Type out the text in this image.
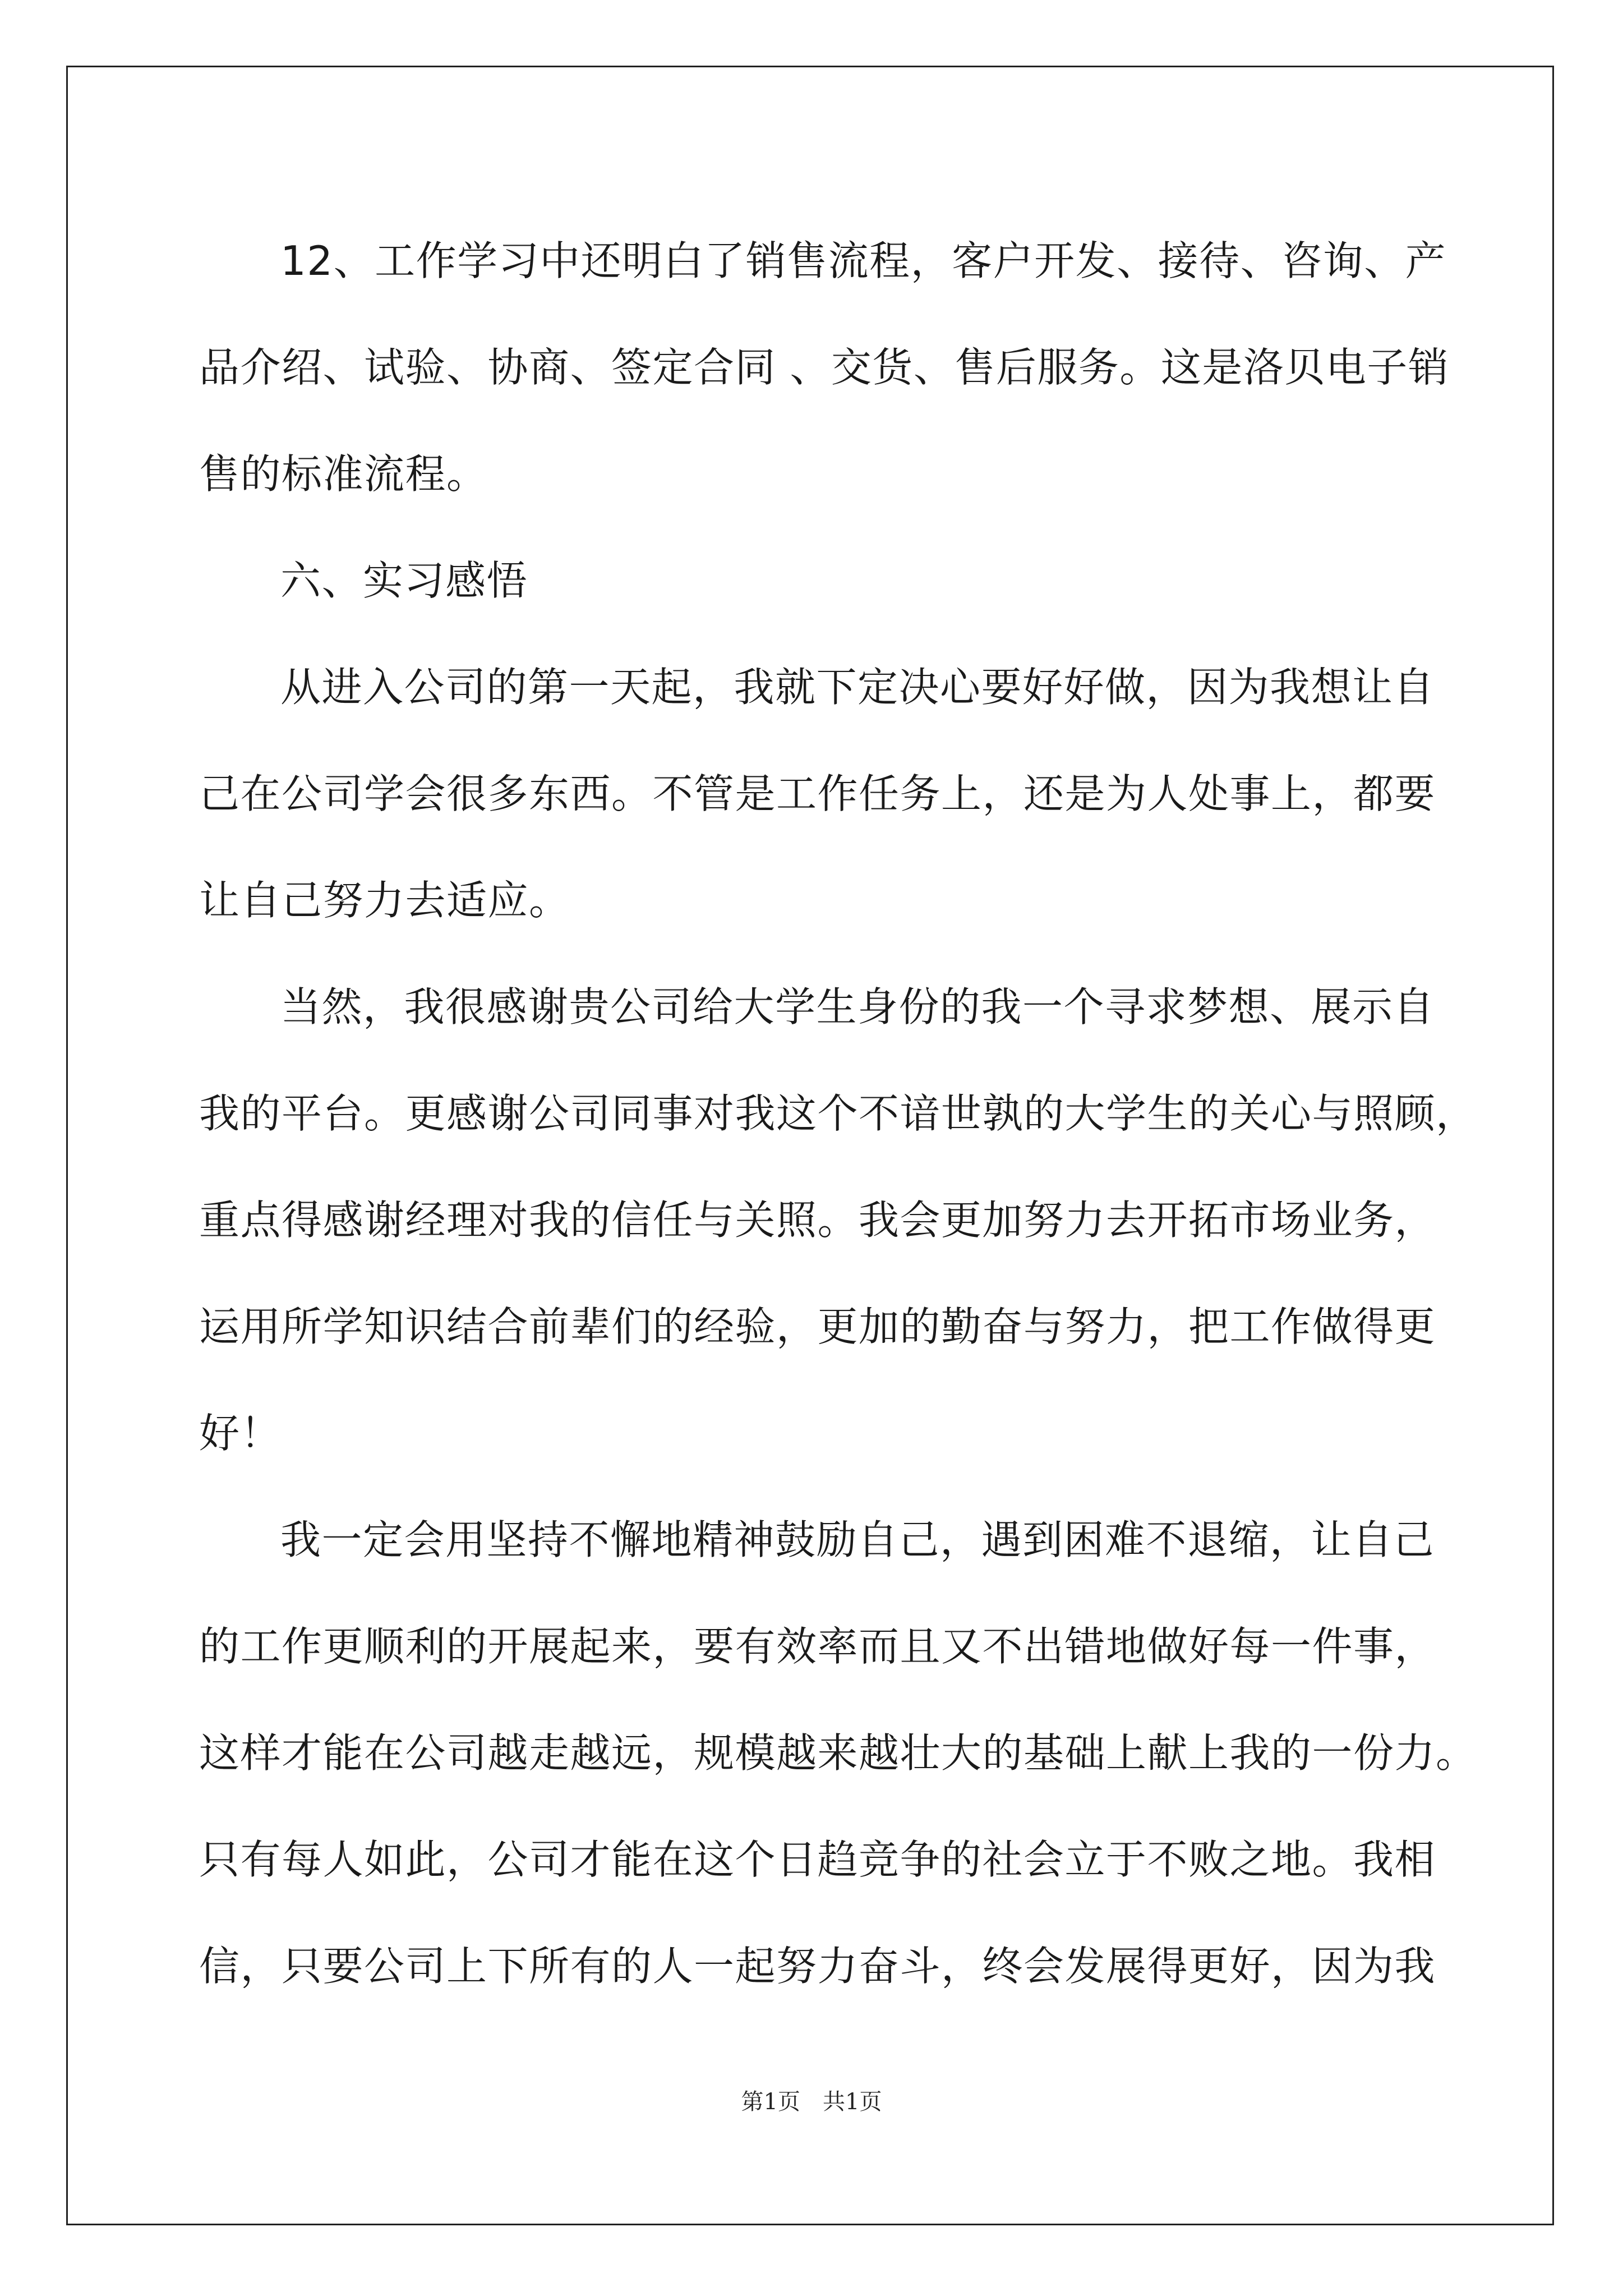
12、工作学习中还明白了销售流程，客户开发、接待、咨询、产
品介绍、试验、协商、签定合同 、交货、售后服务。这是洛贝电子销
售的标准流程。
六、实习感悟
从进入公司的第一天起，我就下定决心要好好做，因为我想让自
己在公司学会很多东西。不管是工作任务上，还是为人处事上，都要
让自己努力去适应。
当然，我很感谢贵公司给大学生身份的我一个寻求梦想、展示自
我的平台。更感谢公司同事对我这个不谙世孰的大学生的关心与照顾，
重点得感谢经理对我的信任与关照。我会更加努力去开拓市场业务，
运用所学知识结合前辈们的经验，更加的勤奋与努力，把工作做得更
好！
我一定会用坚持不懈地精神鼓励自己，遇到困难不退缩，让自己
的工作更顺利的开展起来，要有效率而且又不出错地做好每一件事，
这样才能在公司越走越远，规模越来越壮大的基础上献上我的一份力。
只有每人如此，公司才能在这个日趋竞争的社会立于不败之地。我相
信，只要公司上下所有的人一起努力奋斗，终会发展得更好，因为我
第1页　共1页
